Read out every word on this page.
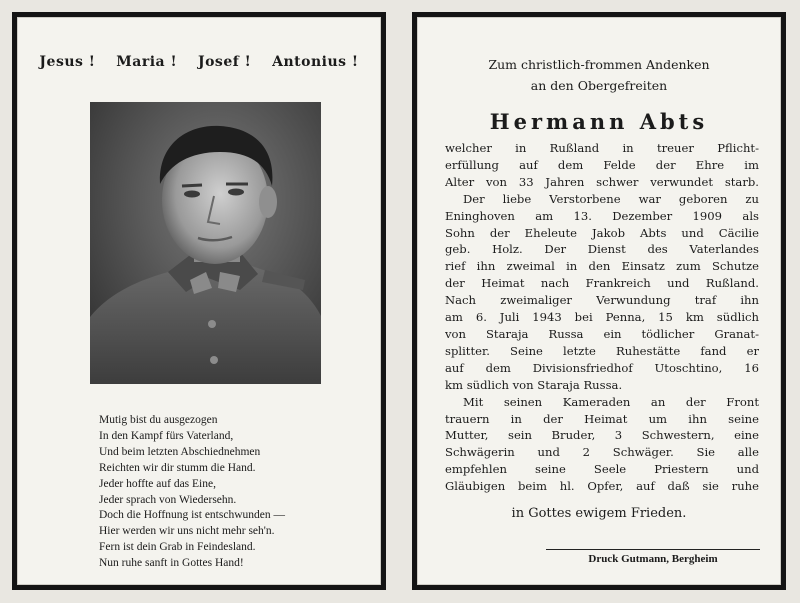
Jesus ! Maria ! Josef ! Antonius !
Mutig bist du ausgezogen
In den Kampf fürs Vaterland,
Und beim letzten Abschiednehmen
Reichten wir dir stumm die Hand.
Jeder hoffte auf das Eine,
Jeder sprach von Wiedersehn.
Doch die Hoffnung ist entschwunden —
Hier werden wir uns nicht mehr seh'n.
Fern ist dein Grab in Feindesland.
Nun ruhe sanft in Gottes Hand!
Zum christlich-frommen Andenken
an den Obergefreiten
Hermann Abts
welcher in Rußland in treuer Pflicht-
erfüllung auf dem Felde der Ehre im
Alter von 33 Jahren schwer verwundet starb.
Der liebe Verstorbene war geboren zu
Eninghoven am 13. Dezember 1909 als
Sohn der Eheleute Jakob Abts und Cäcilie
geb. Holz. Der Dienst des Vaterlandes
rief ihn zweimal in den Einsatz zum Schutze
der Heimat nach Frankreich und Rußland.
Nach zweimaliger Verwundung traf ihn
am 6. Juli 1943 bei Penna, 15 km südlich
von Staraja Russa ein tödlicher Granat-
splitter. Seine letzte Ruhestätte fand er
auf dem Divisionsfriedhof Utoschtino, 16
km südlich von Staraja Russa.
Mit seinen Kameraden an der Front
trauern in der Heimat um ihn seine
Mutter, sein Bruder, 3 Schwestern, eine
Schwägerin und 2 Schwäger. Sie alle
empfehlen seine Seele Priestern und
Gläubigen beim hl. Opfer, auf daß sie ruhe
in Gottes ewigem Frieden.
Druck Gutmann, Bergheim
